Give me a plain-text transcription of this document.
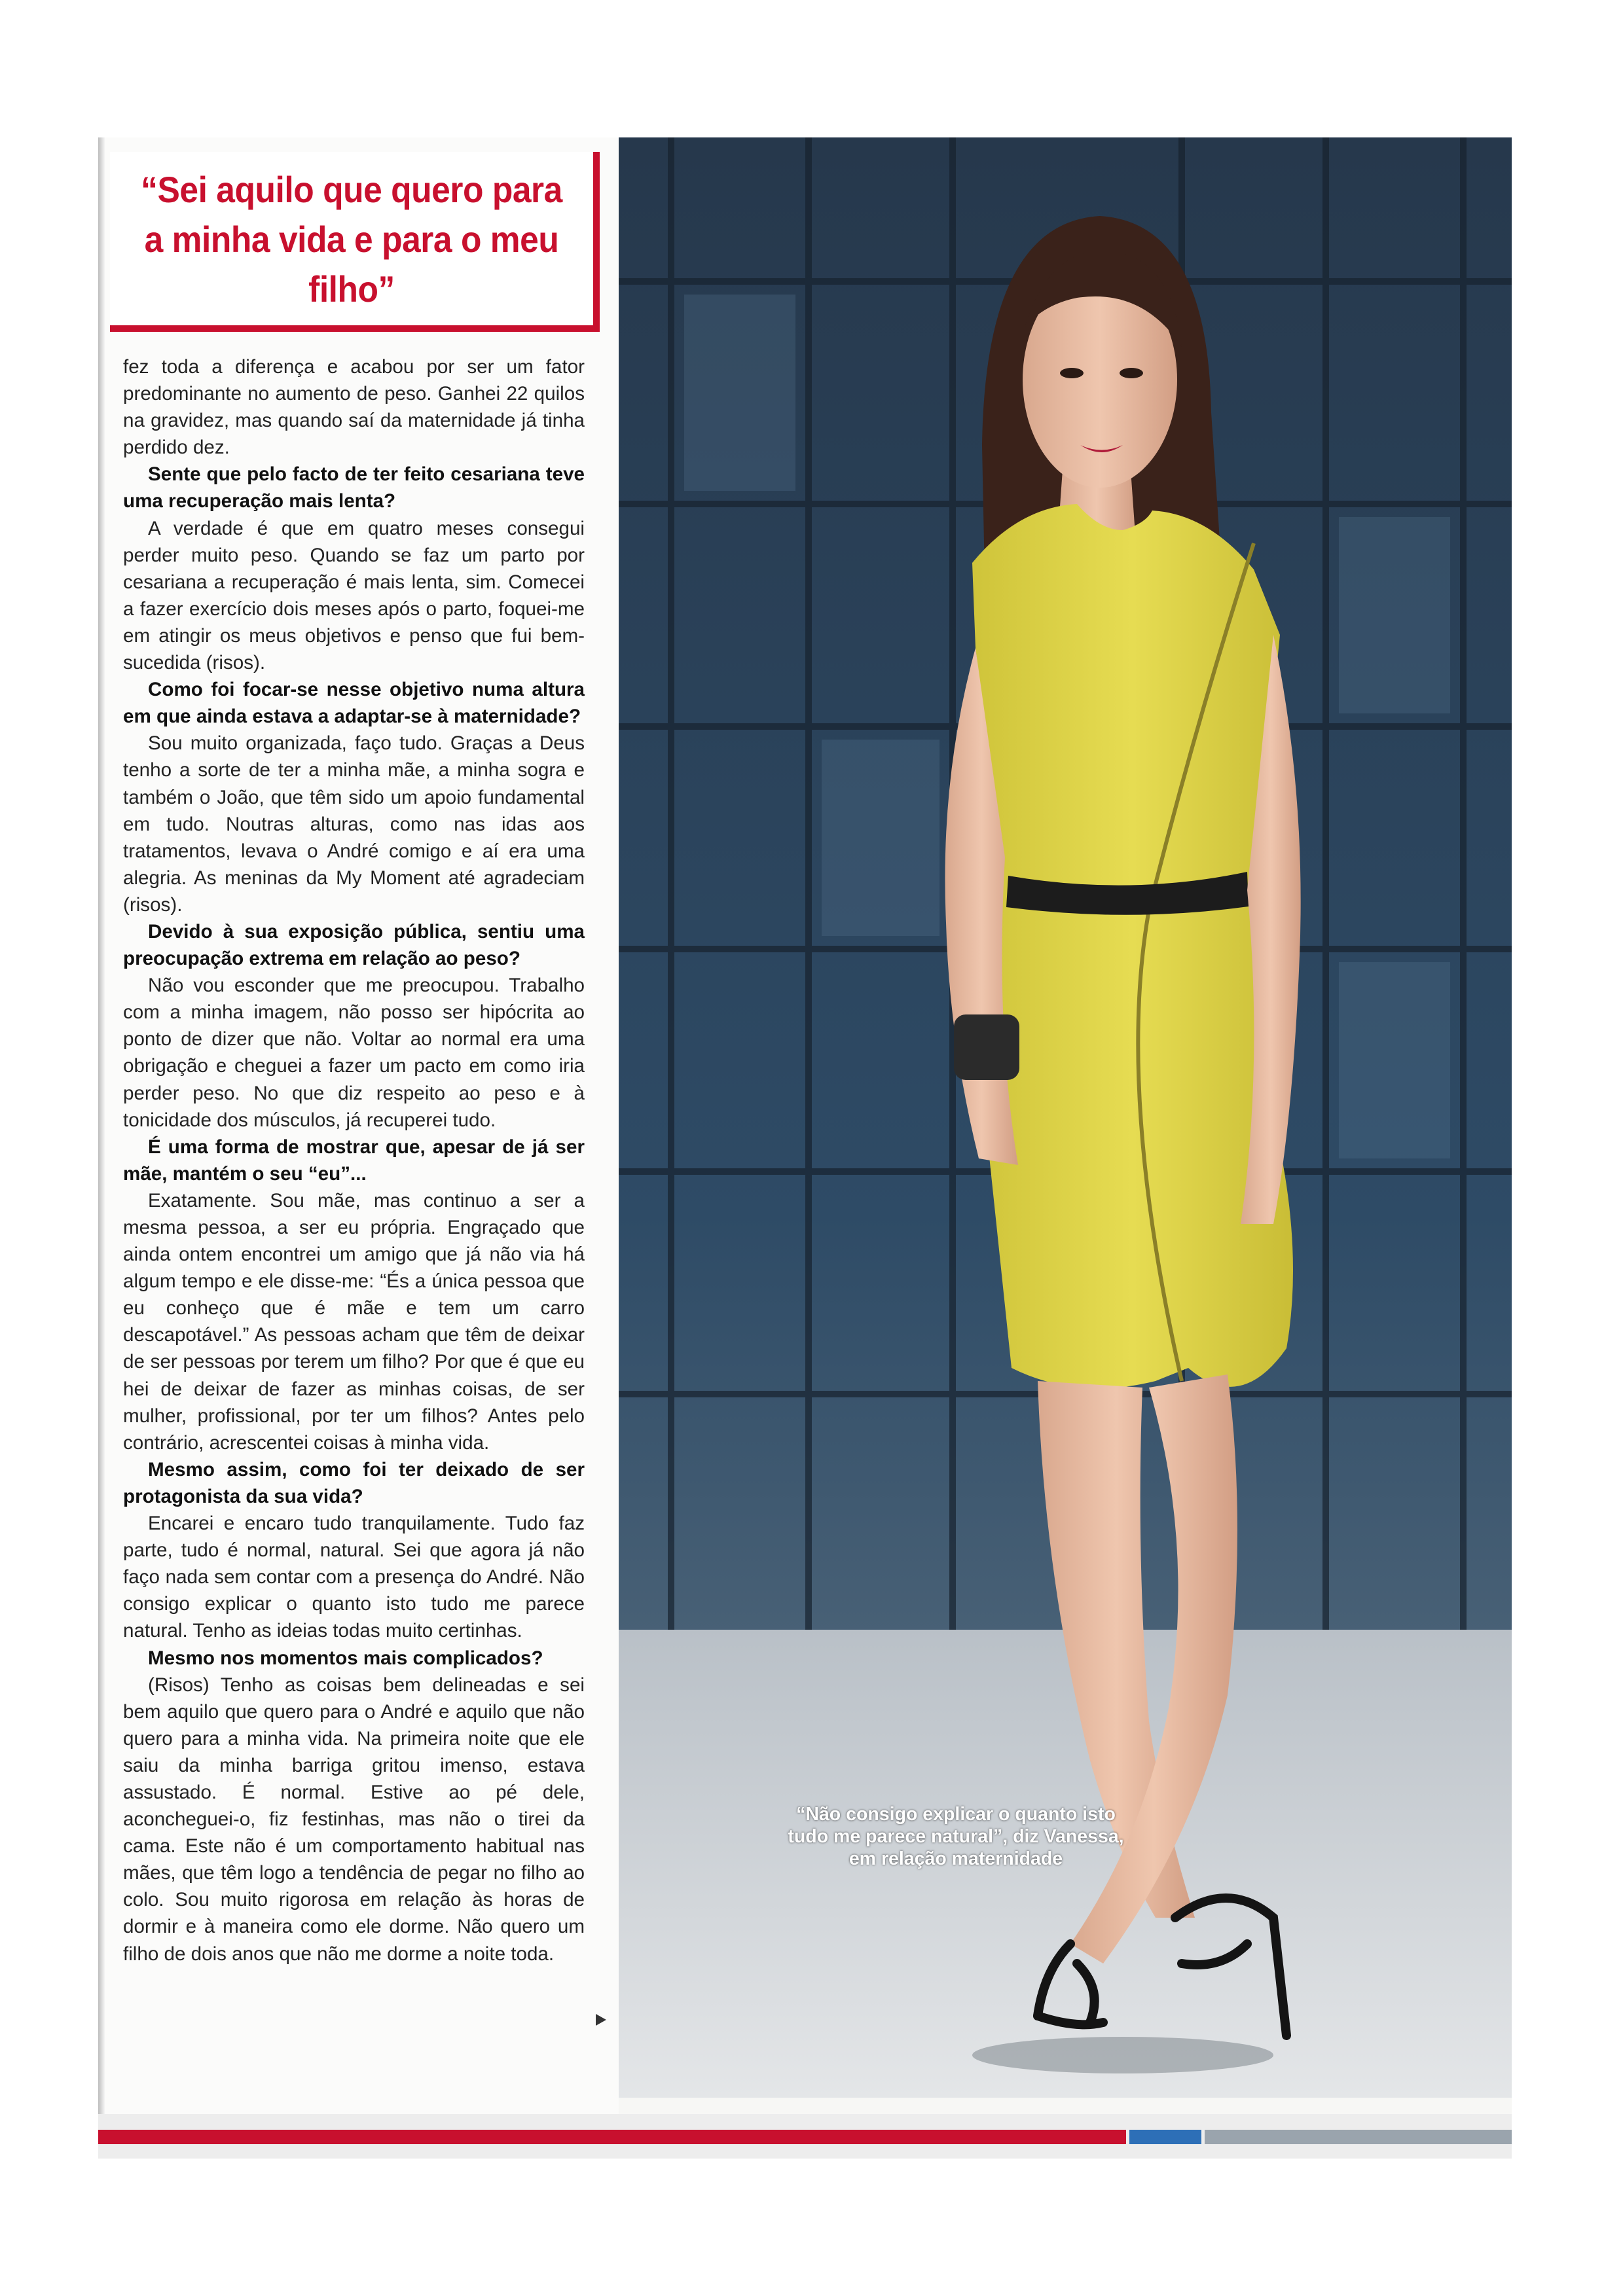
“Sei aquilo que quero para a minha vida e para o meu filho”

fez toda a diferença e acabou por ser um fator predominante no aumento de peso. Ganhei 22 quilos na gravidez, mas quando saí da maternidade já tinha perdido dez.

Sente que pelo facto de ter feito cesariana teve uma recuperação mais lenta?

A verdade é que em quatro meses consegui perder muito peso. Quando se faz um parto por cesariana a recuperação é mais lenta, sim. Comecei a fazer exercício dois meses após o parto, foquei-me em atingir os meus objetivos e penso que fui bem-sucedida (risos).

Como foi focar-se nesse objetivo numa altura em que ainda estava a adaptar-se à maternidade?

Sou muito organizada, faço tudo. Graças a Deus tenho a sorte de ter a minha mãe, a minha sogra e também o João, que têm sido um apoio fundamental em tudo. Noutras alturas, como nas idas aos tratamentos, levava o André comigo e aí era uma alegria. As meninas da My Moment até agradeciam (risos).

Devido à sua exposição pública, sentiu uma preocupação extrema em relação ao peso?

Não vou esconder que me preocupou. Trabalho com a minha imagem, não posso ser hipócrita ao ponto de dizer que não. Voltar ao normal era uma obrigação e cheguei a fazer um pacto em como iria perder peso. No que diz respeito ao peso e à tonicidade dos músculos, já recuperei tudo.

É uma forma de mostrar que, apesar de já ser mãe, mantém o seu “eu”...

Exatamente. Sou mãe, mas continuo a ser a mesma pessoa, a ser eu própria. Engraçado que ainda ontem encontrei um amigo que já não via há algum tempo e ele disse-me: “És a única pessoa que eu conheço que é mãe e tem um carro descapotável.” As pessoas acham que têm de deixar de ser pessoas por terem um filho? Por que é que eu hei de deixar de fazer as minhas coisas, de ser mulher, profissional, por ter um filhos? Antes pelo contrário, acrescentei coisas à minha vida.

Mesmo assim, como foi ter deixado de ser protagonista da sua vida?

Encarei e encaro tudo tranquilamente. Tudo faz parte, tudo é normal, natural. Sei que agora já não faço nada sem contar com a presença do André. Não consigo explicar o quanto isto tudo me parece natural. Tenho as ideias todas muito certinhas.

Mesmo nos momentos mais complicados?

(Risos) Tenho as coisas bem delineadas e sei bem aquilo que quero para o André e aquilo que não quero para a minha vida. Na primeira noite que ele saiu da minha barriga gritou imenso, estava assustado. É normal. Estive ao pé dele, aconcheguei-o, fiz festinhas, mas não o tirei da cama. Este não é um comportamento habitual nas mães, que têm logo a tendência de pegar no filho ao colo. Sou muito rigorosa em relação às horas de dormir e à maneira como ele dorme. Não quero um filho de dois anos que não me dorme a noite toda.

“Não consigo explicar o quanto isto tudo me parece natural”, diz Vanessa, em relação maternidade
